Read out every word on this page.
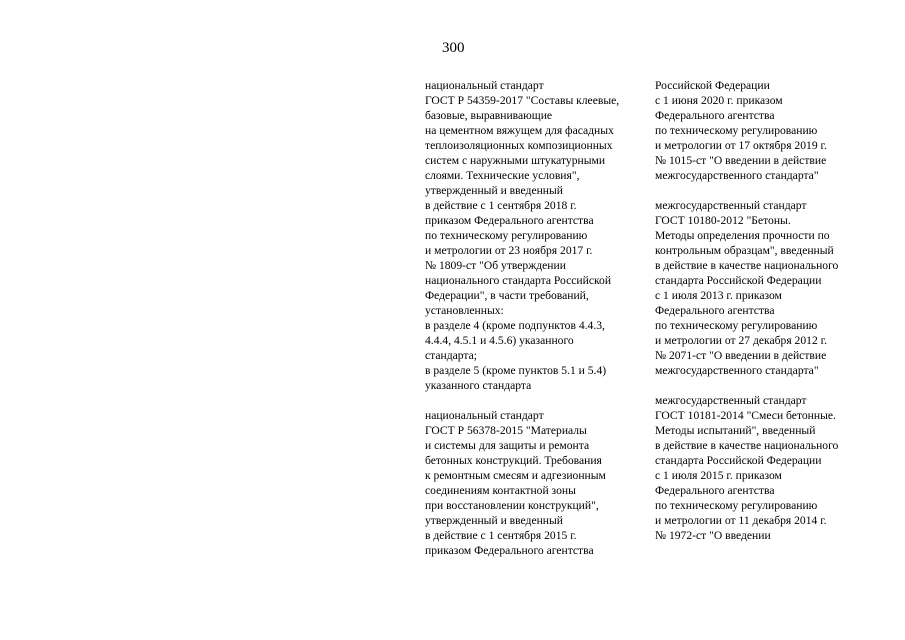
300
национальный стандарт
ГОСТ Р 54359-2017 "Составы клеевые,
базовые, выравнивающие
на цементном вяжущем для фасадных
теплоизоляционных композиционных
систем с наружными штукатурными
слоями. Технические условия",
утвержденный и введенный
в действие с 1 сентября 2018 г.
приказом Федерального агентства
по техническому регулированию
и метрологии от 23 ноября 2017 г.
№ 1809-ст "Об утверждении
национального стандарта Российской
Федерации", в части требований,
установленных:
в разделе 4 (кроме подпунктов 4.4.3,
4.4.4, 4.5.1 и 4.5.6) указанного
стандарта;
в разделе 5 (кроме пунктов 5.1 и 5.4)
указанного стандарта
национальный стандарт
ГОСТ Р 56378-2015 "Материалы
и системы для защиты и ремонта
бетонных конструкций. Требования
к ремонтным смесям и адгезионным
соединениям контактной зоны
при восстановлении конструкций",
утвержденный и введенный
в действие с 1 сентября 2015 г.
приказом Федерального агентства
Российской Федерации
с 1 июня 2020 г. приказом
Федерального агентства
по техническому регулированию
и метрологии от 17 октября 2019 г.
№ 1015-ст "О введении в действие
межгосударственного стандарта"
межгосударственный стандарт
ГОСТ 10180-2012 "Бетоны.
Методы определения прочности по
контрольным образцам", введенный
в действие в качестве национального
стандарта Российской Федерации
с 1 июля 2013 г. приказом
Федерального агентства
по техническому регулированию
и метрологии от 27 декабря 2012 г.
№ 2071-ст "О введении в действие
межгосударственного стандарта"
межгосударственный стандарт
ГОСТ 10181-2014 "Смеси бетонные.
Методы испытаний", введенный
в действие в качестве национального
стандарта Российской Федерации
с 1 июля 2015 г. приказом
Федерального агентства
по техническому регулированию
и метрологии от 11 декабря 2014 г.
№ 1972-ст "О введении
